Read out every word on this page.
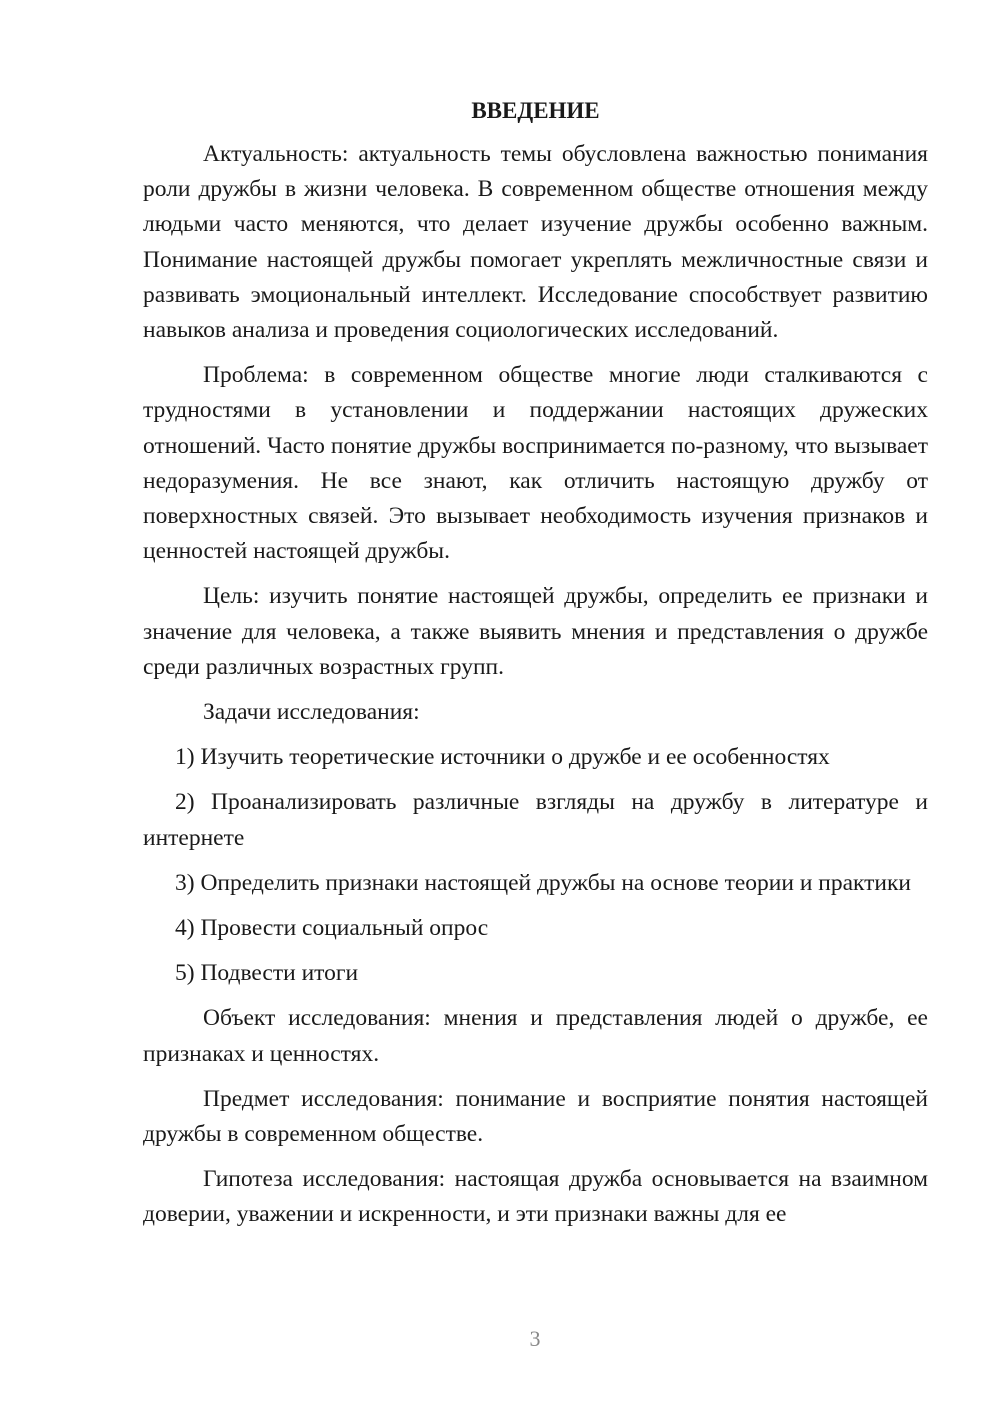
ВВЕДЕНИЕ

Актуальность: актуальность темы обусловлена важностью понимания роли дружбы в жизни человека. В современном обществе отношения между людьми часто меняются, что делает изучение дружбы особенно важным. Понимание настоящей дружбы помогает укреплять межличностные связи и развивать эмоциональный интеллект. Исследование способствует развитию навыков анализа и проведения социологических исследований.

Проблема: в современном обществе многие люди сталкиваются с трудностями в установлении и поддержании настоящих дружеских отношений. Часто понятие дружбы воспринимается по-разному, что вызывает недоразумения. Не все знают, как отличить настоящую дружбу от поверхностных связей. Это вызывает необходимость изучения признаков и ценностей настоящей дружбы.

Цель: изучить понятие настоящей дружбы, определить ее признаки и значение для человека, а также выявить мнения и представления о дружбе среди различных возрастных групп.

Задачи исследования:

1) Изучить теоретические источники о дружбе и ее особенностях

2) Проанализировать различные взгляды на дружбу в литературе и интернете

3) Определить признаки настоящей дружбы на основе теории и практики

4) Провести социальный опрос

5) Подвести итоги

Объект исследования: мнения и представления людей о дружбе, ее признаках и ценностях.

Предмет исследования: понимание и восприятие понятия настоящей дружбы в современном обществе.

Гипотеза исследования: настоящая дружба основывается на взаимном доверии, уважении и искренности, и эти признаки важны для ее

3
